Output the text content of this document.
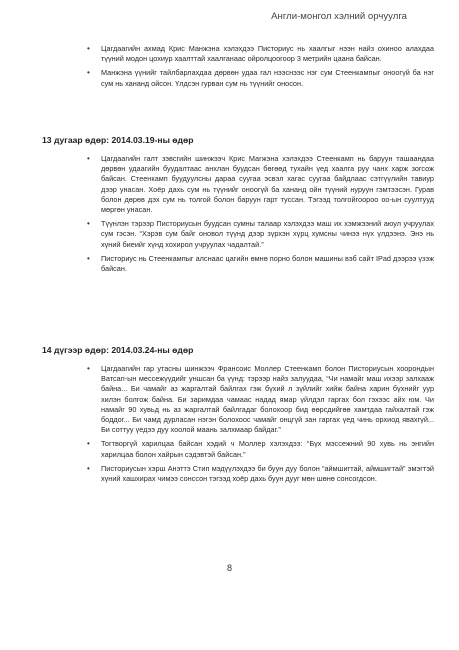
Англи-монгол хэлний орчуулга
• Цагдаагийн ахмад Крис Манжэна хэлэхдээ Писториус нь хаалгыг нээн найз охиноо алахдаа түүний модон цохиур хаалттай хаалганаас ойролцоогоор 3 метрийн цаана байсан.
• Манжэна үүнийг тайлбарлахдаа дөрвөн удаа гал нээснээс нэг сум Стеенкампыг оноогүй ба нэг сум нь хананд ойсон. Үлдсэн гурван сум нь түүнийг оносон.
13 дугаар өдөр: 2014.03.19-ны өдөр
• Цагдаагийн галт зэвсгийн шинжээч Крис Магжэна хэлэхдээ Стеенкамп нь баруун ташаандаа дөрвөн удаагийн буудалтаас анхлан буудсан бөгөөд тухайн үед хаалга руу чанх харж зогсож байсан. Стеенкамп буудуулсны дараа суугаа эсвэл хагас суугаа байдлаас сэтгүүлийн тавиур дээр унасан. Хоёр дахь сум нь түүнийг оноогүй ба хананд ойн түүний нуруун гэмтээсэн. Гурав болон дөрөв дэх сум нь толгой болон баруун гарт туссан. Тэгээд толгойгоороо оо-ын суултууд мөргөн унасан.
• Түүнлэн тэрээр Писториусын буудсан сумны талаар хэлэхдээ маш их хэмжээний аюул учруулах сум гэсэн. “Хэрэв сум байг оновол түүнд дээр зүрхэн хүрц хумсны чинээ нүх үлдээнэ. Энэ нь хүний биеийг хүнд хохирол учруулах чадалтай.”
• Писториус нь Стеенкампыг алснаас цагийн өмнө порно болон машины вэб сайт IPad дээрээ үзэж байсан.
14 дүгээр өдөр: 2014.03.24-ны өдөр
• Цагдаагийн гар утасны шинжээч Франсоис Моллер Стеенкамп болон Писториусын хоорондын Ватсап-ын мессежүүдийг уншсан ба үүнд: тэрээр найз залуудаа, “Чи намайг маш ихээр залхааж байна... Би чамайг аз жаргалтай байлгах гэж бүхий л зүйлийг хийж байна харин бүхнийг уур хилэн болгож байна. Би заримдаа чамаас надад ямар үйлдэл гаргах бол гэхээс айх юм. Чи намайг 90 хувьд нь аз жаргалтай байлгадаг болохоор бид өөрсдийгөө хамтдаа гайхалтай гэж боддог... Би чамд дурласан нэгэн болохоос чамайг онцгүй зан гаргах үед чинь орхиод явахгүй... Би соттуу үедээ дуу хоолой маань залхмаар байдаг.”
• Тогтворгүй харилцаа байсан хэдий ч Моллер хэлэхдээ: “Бүх мэссежний 90 хувь нь энгийн харилцаа болон хайрын сэдэвтэй байсан.”
• Писториусын хэрш Анэттэ Стип мэдүүлэхдээ би буун дуу болон “аймшигтай, аймшигтай” эмэгтэй хүний хашхирах чимээ сонссон тэгээд хоёр дахь буун дууг мөн шөнө сонсогдсон.
8
